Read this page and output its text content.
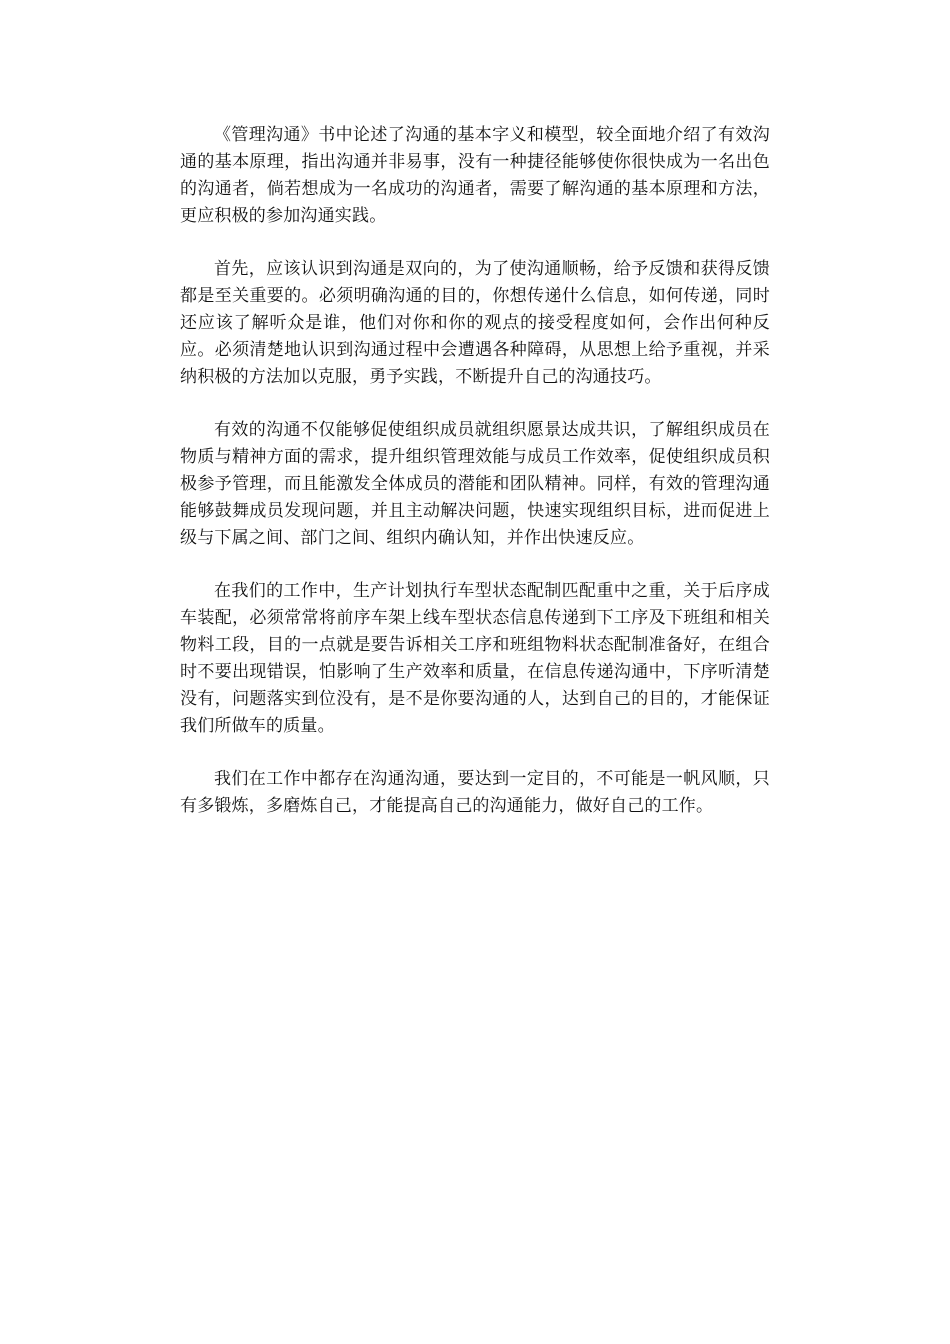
《管理沟通》书中论述了沟通的基本字义和模型，较全面地介绍了有效沟通的基本原理，指出沟通并非易事，没有一种捷径能够使你很快成为一名出色的沟通者，倘若想成为一名成功的沟通者，需要了解沟通的基本原理和方法，更应积极的参加沟通实践。

首先，应该认识到沟通是双向的，为了使沟通顺畅，给予反馈和获得反馈都是至关重要的。必须明确沟通的目的，你想传递什么信息，如何传递，同时还应该了解听众是谁，他们对你和你的观点的接受程度如何，会作出何种反应。必须清楚地认识到沟通过程中会遭遇各种障碍，从思想上给予重视，并采纳积极的方法加以克服，勇予实践，不断提升自己的沟通技巧。

有效的沟通不仅能够促使组织成员就组织愿景达成共识，了解组织成员在物质与精神方面的需求，提升组织管理效能与成员工作效率，促使组织成员积极参予管理，而且能激发全体成员的潜能和团队精神。同样，有效的管理沟通能够鼓舞成员发现问题，并且主动解决问题，快速实现组织目标，进而促进上级与下属之间、部门之间、组织内确认知，并作出快速反应。

在我们的工作中，生产计划执行车型状态配制匹配重中之重，关于后序成车装配，必须常常将前序车架上线车型状态信息传递到下工序及下班组和相关物料工段，目的一点就是要告诉相关工序和班组物料状态配制准备好，在组合时不要出现错误，怕影响了生产效率和质量，在信息传递沟通中，下序听清楚没有，问题落实到位没有，是不是你要沟通的人，达到自己的目的，才能保证我们所做车的质量。

我们在工作中都存在沟通沟通，要达到一定目的，不可能是一帆风顺，只有多锻炼，多磨炼自己，才能提高自己的沟通能力，做好自己的工作。
